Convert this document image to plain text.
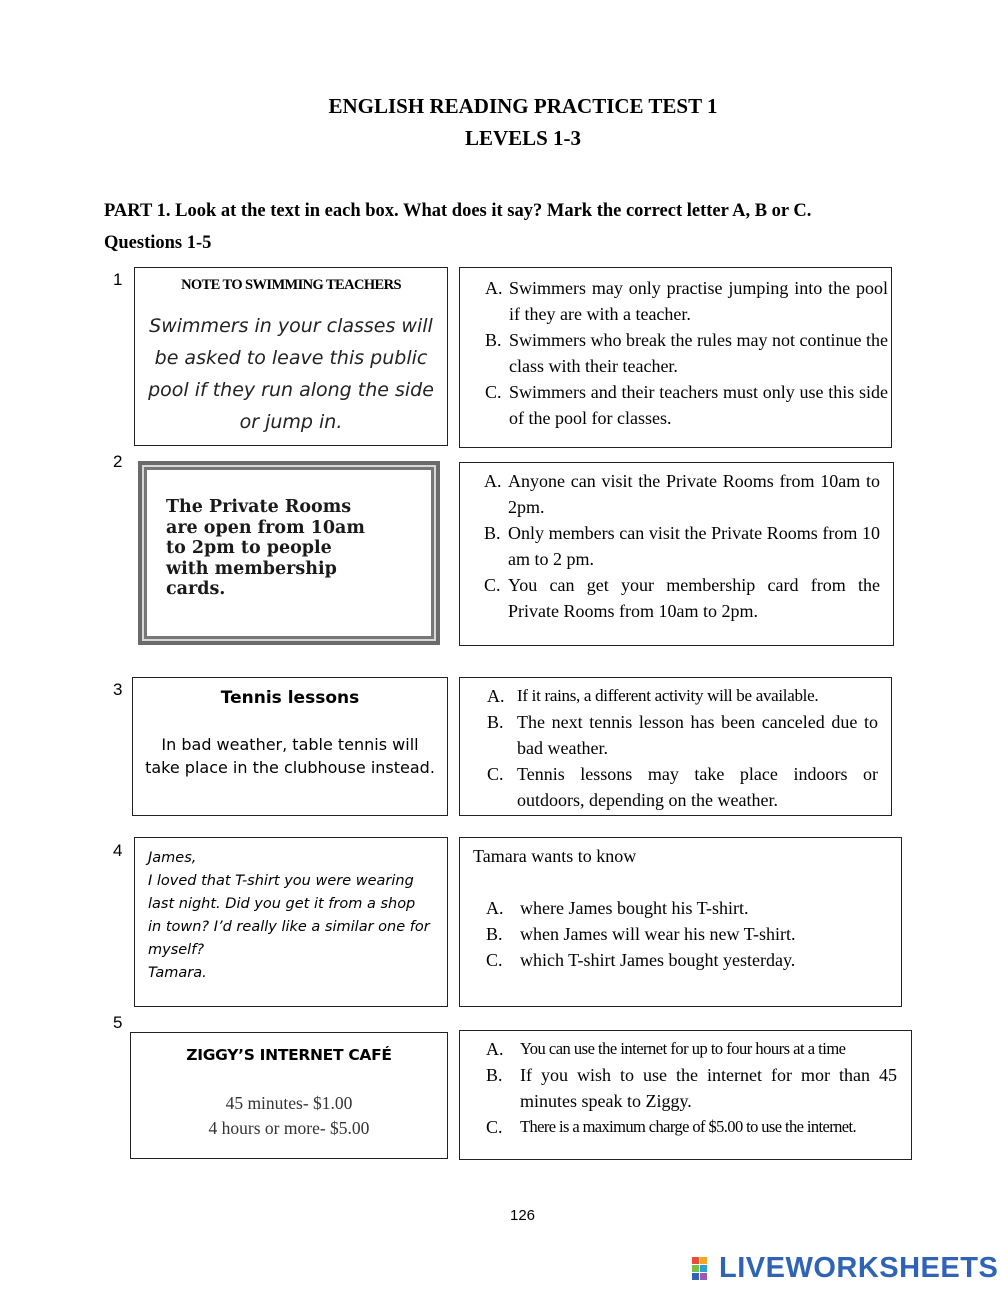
ENGLISH READING PRACTICE TEST 1
LEVELS 1-3
PART 1. Look at the text in each box. What does it say? Mark the correct letter A, B or C.
Questions 1-5
1	NOTE TO SWIMMING TEACHERS
Swimmers in your classes will
be asked to leave this public
pool if they run along the side
or jump in.
A. Swimmers may only practise jumping into the pool if they are with a teacher.
B. Swimmers who break the rules may not continue the class with their teacher.
C. Swimmers and their teachers must only use this side of the pool for classes.
2
The Private Rooms
are open from 10am
to 2pm to people
with membership
cards.
A. Anyone can visit the Private Rooms from 10am to 2pm.
B. Only members can visit the Private Rooms from 10 am to 2 pm.
C. You can get your membership card from the Private Rooms from 10am to 2pm.
3	Tennis lessons
In bad weather, table tennis will
take place in the clubhouse instead.
A. If it rains, a different activity will be available.
B. The next tennis lesson has been canceled due to bad weather.
C. Tennis lessons may take place indoors or outdoors, depending on the weather.
4 James,
I loved that T-shirt you were wearing
last night. Did you get it from a shop
in town? I’d really like a similar one for
myself?
Tamara.
Tamara wants to know
A. where James bought his T-shirt.
B. when James will wear his new T-shirt.
C. which T-shirt James bought yesterday.
5
ZIGGY’S INTERNET CAFÉ
45 minutes- $1.00
4 hours or more- $5.00
A.	You can use the internet for up to four hours at a time
B. If you wish to use the internet for mor than 45 minutes speak to Ziggy.
C.	There is a maximum charge of $5.00 to use the internet.
126
LIVEWORKSHEETS
